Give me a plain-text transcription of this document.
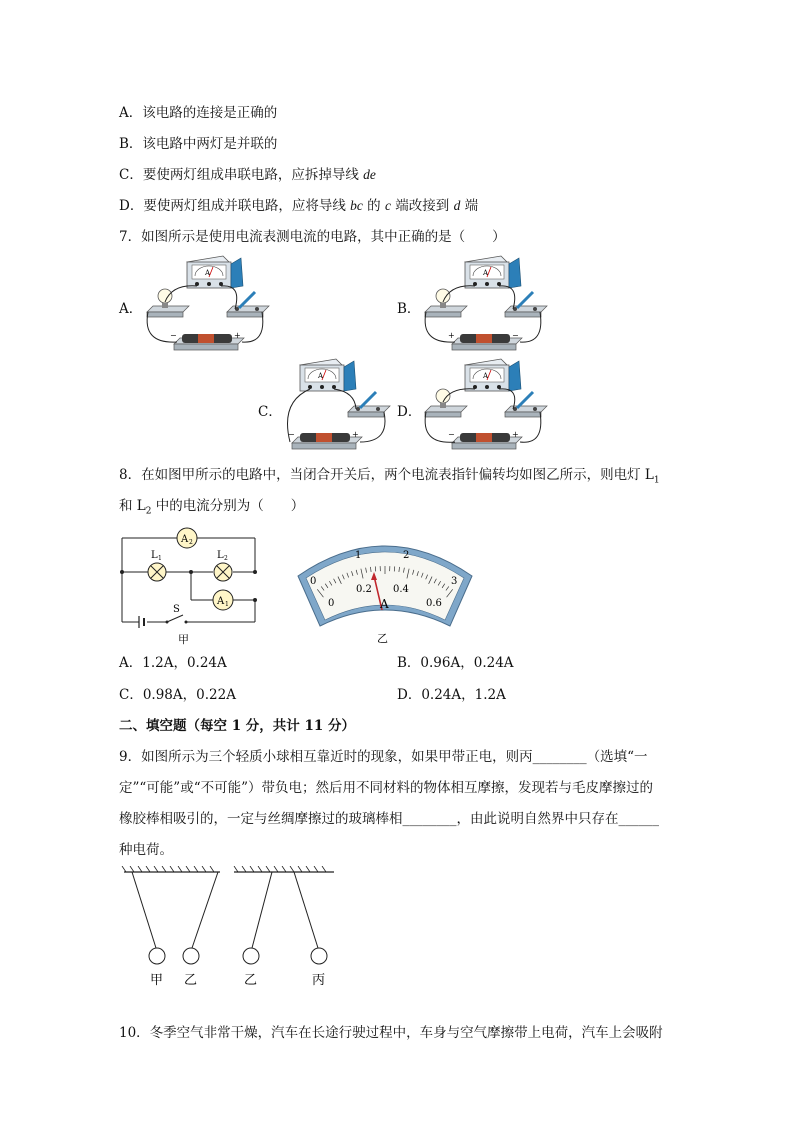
A．该电路的连接是正确的
B．该电路中两灯是并联的
C．要使两灯组成串联电路，应拆掉导线 de
D．要使两灯组成并联电路，应将导线 bc 的 c 端改接到 d 端
7．如图所示是使用电流表测电流的电路，其中正确的是（　　）
A．	B．
C．	D．
−	+
A
+	−
A
−	+
A
−	+
A
8．在如图甲所示的电路中，当闭合开关后，两个电流表指针偏转均如图乙所示，则电灯 $L_1$
和 $L_2$ 中的电流分别为（　　）
A 2
A 1
L 1	L 2
S
甲
0
1	2
3
0
0.2 0.4
0.6
A
乙
A．1.2A，0.24A	B．0.96A，0.24A
C．0.98A，0.22A	D．0.24A，1.2A
二、填空题（每空 1 分，共计 11 分）
9．如图所示为三个轻质小球相互靠近时的现象，如果甲带正电，则丙________（选填“一
定”“可能”或“不可能”）带负电；然后用不同材料的物体相互摩擦，发现若与毛皮摩擦过的
橡胶棒相吸引的，一定与丝绸摩擦过的玻璃棒相________，由此说明自然界中只存在______
种电荷。
甲 乙	乙	丙
10．冬季空气非常干燥，汽车在长途行驶过程中，车身与空气摩擦带上电荷，汽车上会吸附
